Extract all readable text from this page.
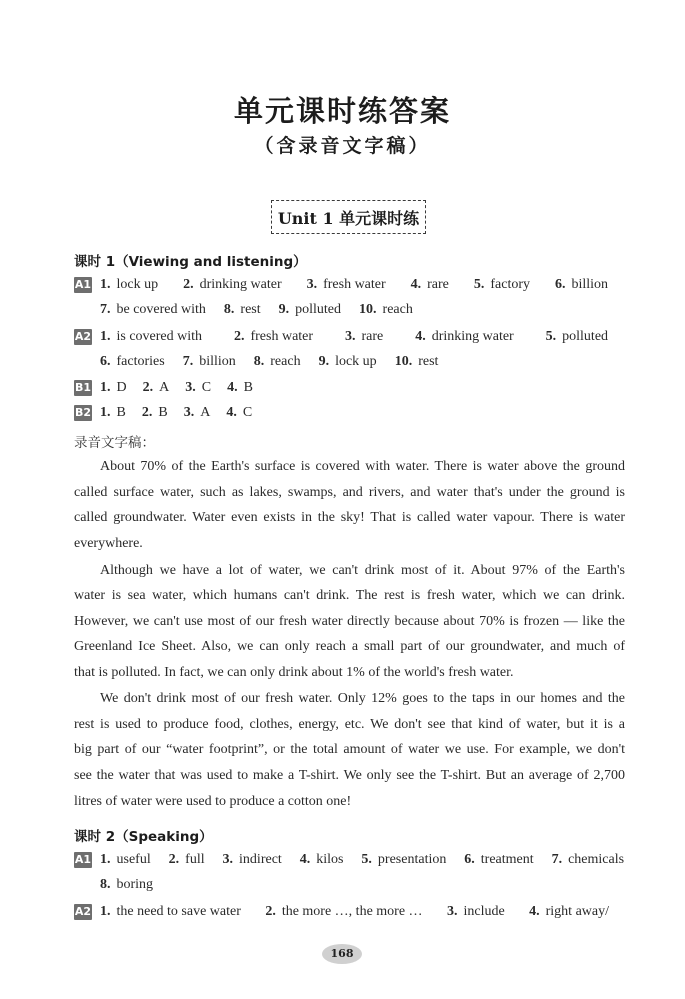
单元课时练答案
（含录音文字稿）
Unit 1 单元课时练
课时 1（Viewing and listening）
A1 1. lock up 2. drinking water 3. fresh water 4. rare 5. factory 6. billion
7. be covered with 8. rest 9. polluted 10. reach
A2 1. is covered with 2. fresh water 3. rare 4. drinking water 5. polluted
6. factories 7. billion 8. reach 9. lock up 10. rest
B1 1. D 2. A 3. C 4. B
B2 1. B 2. B 3. A 4. C
录音文字稿：
About 70% of the Earth's surface is covered with water. There is water above the ground
called surface water, such as lakes, swamps, and rivers, and water that's under the ground is
called groundwater. Water even exists in the sky! That is called water vapour. There is water
everywhere.
Although we have a lot of water, we can't drink most of it. About 97% of the Earth's
water is sea water, which humans can't drink. The rest is fresh water, which we can drink.
However, we can't use most of our fresh water directly because about 70% is frozen — like the
Greenland Ice Sheet. Also, we can only reach a small part of our groundwater, and much of
that is polluted. In fact, we can only drink about 1% of the world's fresh water.
We don't drink most of our fresh water. Only 12% goes to the taps in our homes and the
rest is used to produce food, clothes, energy, etc. We don't see that kind of water, but it is a
big part of our “water footprint”, or the total amount of water we use. For example, we don't
see the water that was used to make a T-shirt. We only see the T-shirt. But an average of 2,700
litres of water were used to produce a cotton one!
课时 2（Speaking）
A1 1. useful 2. full 3. indirect 4. kilos 5. presentation 6. treatment 7. chemicals
8. boring
A2 1. the need to save water 2. the more …, the more … 3. include 4. right away/
168
